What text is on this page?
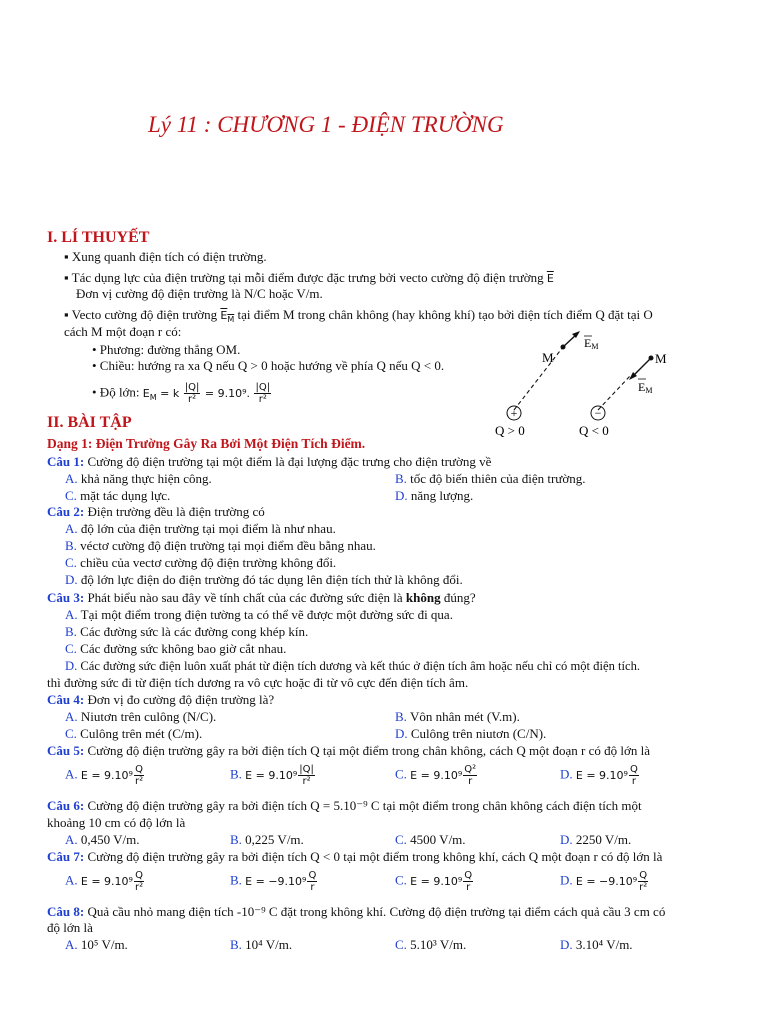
Lý 11 : CHƯƠNG 1 - ĐIỆN TRƯỜNG
I. LÍ THUYẾT
▪ Xung quanh điện tích có điện trường.
▪ Tác dụng lực của điện trường tại mỗi điểm được đặc trưng bởi vecto cường độ điện trường $\overline{E}$
Đơn vị cường độ điện trường là N/C hoặc V/m.
▪ Vecto cường độ điện trường $E_M$ tại điểm M trong chân không (hay không khí) tạo bởi điện tích điểm Q đặt tại O
cách M một đoạn r có:
• Phương: đường thẳng OM.
• Chiều: hướng ra xa Q nếu Q > 0 hoặc hướng về phía Q nếu Q < 0.
• Độ lớn: $E_M = k \frac{|Q|}{\text{r²}} = 9.10^9$. $\frac{|Q|}{\text{r²}}$
M
EM
+
Q > 0
M
EM
−
Q < 0
II. BÀI TẬP
Dạng 1: Điện Trường Gây Ra Bởi Một Điện Tích Điểm.
Câu 1: Cường độ điện trường tại một điểm là đại lượng đặc trưng cho điện trường về
A. khả năng thực hiện công.	B. tốc độ biến thiên của điện trường.
C. mặt tác dụng lực.	D. năng lượng.
Câu 2: Điện trường đều là điện trường có
A. độ lớn của điện trường tại mọi điểm là như nhau.
B. véctơ cường độ điện trường tại mọi điểm đều bằng nhau.
C. chiều của vectơ cường độ điện trường không đổi.
D. độ lớn lực điện do điện trường đó tác dụng lên điện tích thử là không đổi.
Câu 3: Phát biểu nào sau đây về tính chất của các đường sức điện là không đúng?
A. Tại một điểm trong điện tường ta có thể vẽ được một đường sức đi qua.
B. Các đường sức là các đường cong khép kín.
C. Các đường sức không bao giờ cắt nhau.
D. Các đường sức điện luôn xuất phát từ điện tích dương và kết thúc ở điện tích âm hoặc nếu chỉ có một điện tích.
thì đường sức đi từ điện tích dương ra vô cực hoặc đi từ vô cực đến điện tích âm.
Câu 4: Đơn vị đo cường độ điện trường là?
A. Niutơn trên culông (N/C).	B. Vôn nhân mét (V.m).
C. Culông trên mét (C/m).	D. Culông trên niutơn (C/N).
Câu 5: Cường độ điện trường gây ra bởi điện tích Q tại một điểm trong chân không, cách Q một đoạn r có độ lớn là
A. $E = 9.10^9 \frac{Q}{\text{r²}}$	B. $E = 9.10^9 \frac{|Q|}{\text{r²}}$	C. $E = 9.10^9 \frac{\text{Q²}}{r}$	D. $E = 9.10^9 \frac{Q}{r}$
Câu 6: Cường độ điện trường gây ra bởi điện tích Q = 5.10⁻⁹ C tại một điểm trong chân không cách điện tích một
khoảng 10 cm có độ lớn là
A. 0,450 V/m.	B. 0,225 V/m.	C. 4500 V/m.	D. 2250 V/m.
Câu 7: Cường độ điện trường gây ra bởi điện tích Q < 0 tại một điểm trong không khí, cách Q một đoạn r có độ lớn là
A. $E = 9.10^9 \frac{Q}{\text{r²}}$	B. $E = -9.10^9 \frac{Q}{r}$	C. $E = 9.10^9 \frac{Q}{r}$	D. $E = -9.10^9 \frac{Q}{\text{r²}}$
Câu 8: Quả cầu nhỏ mang điện tích -10⁻⁹ C đặt trong không khí. Cường độ điện trường tại điểm cách quả cầu 3 cm có
độ lớn là
A. 10⁵ V/m.	B. 10⁴ V/m.	C. 5.10³ V/m.	D. 3.10⁴ V/m.
